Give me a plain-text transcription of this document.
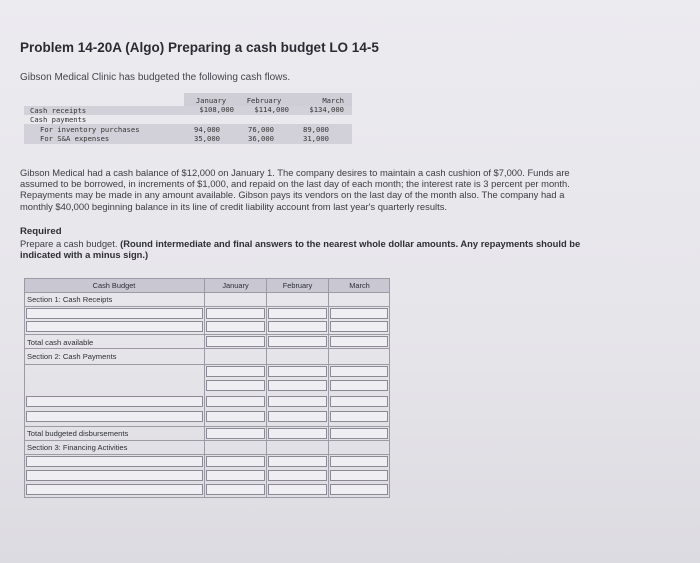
Problem 14-20A (Algo) Preparing a cash budget LO 14-5
Gibson Medical Clinic has budgeted the following cash flows.
January	February	March
Cash receipts	$108,000	$114,000	$134,000
Cash payments
For inventory purchases	94,000	76,000	89,000
For S&A expenses	35,000	36,000	31,000
Gibson Medical had a cash balance of $12,000 on January 1. The company desires to maintain a cash cushion of $7,000. Funds are
assumed to be borrowed, in increments of $1,000, and repaid on the last day of each month; the interest rate is 3 percent per month.
Repayments may be made in any amount available. Gibson pays its vendors on the last day of the month also. The company had a
monthly $40,000 beginning balance in its line of credit liability account from last year's quarterly results.
Required
Prepare a cash budget. (Round intermediate and final answers to the nearest whole dollar amounts. Any repayments should be
indicated with a minus sign.)
Cash Budget	January	February	March
Section 1: Cash Receipts
Total cash available
Section 2: Cash Payments
Total budgeted disbursements
Section 3: Financing Activities
